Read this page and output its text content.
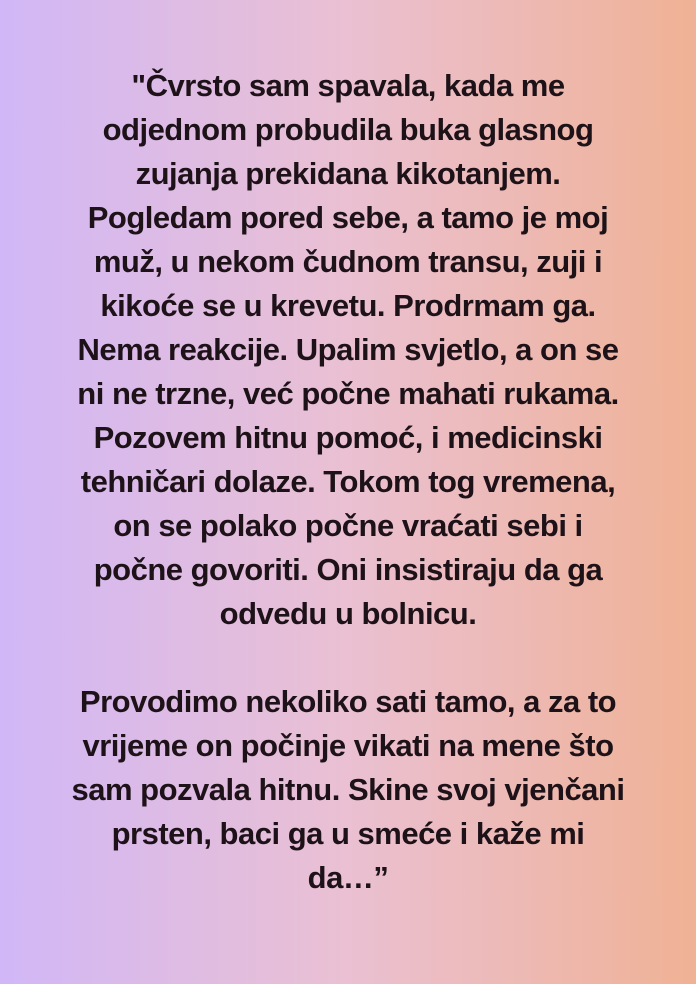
"Čvrsto sam spavala, kada me
odjednom probudila buka glasnog
zujanja prekidana kikotanjem.
Pogledam pored sebe, a tamo je moj
muž, u nekom čudnom transu, zuji i
kikoće se u krevetu. Prodrmam ga.
Nema reakcije. Upalim svjetlo, a on se
ni ne trzne, već počne mahati rukama.
Pozovem hitnu pomoć, i medicinski
tehničari dolaze. Tokom tog vremena,
on se polako počne vraćati sebi i
počne govoriti. Oni insistiraju da ga
odvedu u bolnicu.
Provodimo nekoliko sati tamo, a za to
vrijeme on počinje vikati na mene što
sam pozvala hitnu. Skine svoj vjenčani
prsten, baci ga u smeće i kaže mi
da…”
